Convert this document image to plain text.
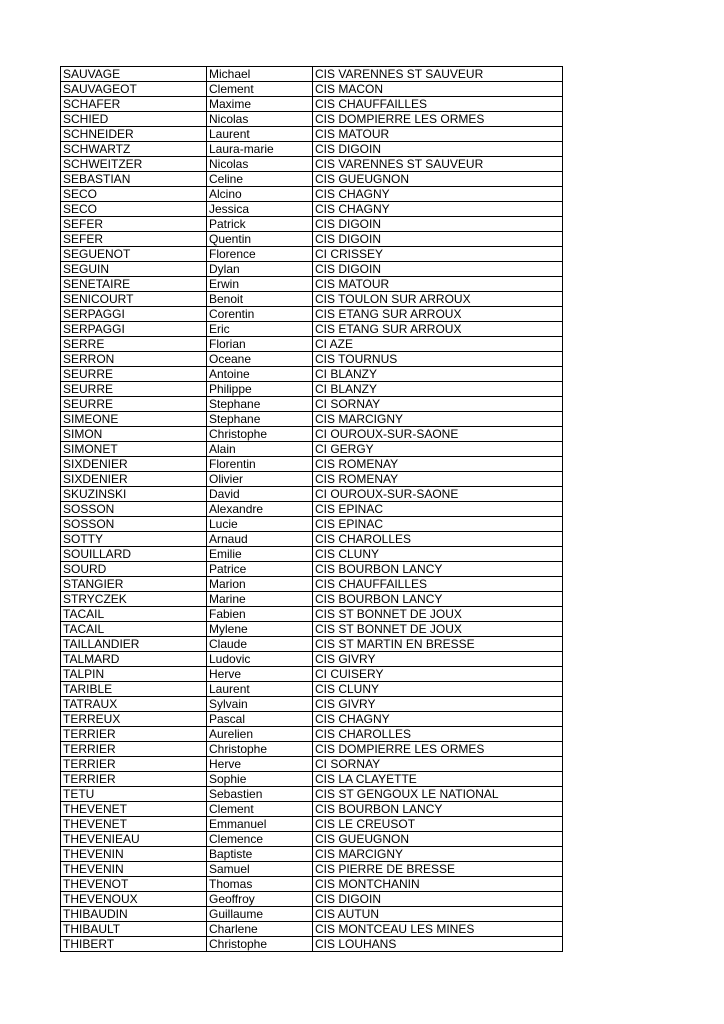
SAUVAGE	Michael	CIS VARENNES ST SAUVEUR
SAUVAGEOT	Clement	CIS MACON
SCHAFER	Maxime	CIS CHAUFFAILLES
SCHIED	Nicolas	CIS DOMPIERRE LES ORMES
SCHNEIDER	Laurent	CIS MATOUR
SCHWARTZ	Laura-marie	CIS DIGOIN
SCHWEITZER	Nicolas	CIS VARENNES ST SAUVEUR
SEBASTIAN	Celine	CIS GUEUGNON
SECO	Alcino	CIS CHAGNY
SECO	Jessica	CIS CHAGNY
SEFER	Patrick	CIS DIGOIN
SEFER	Quentin	CIS DIGOIN
SEGUENOT	Florence	CI CRISSEY
SEGUIN	Dylan	CIS DIGOIN
SENETAIRE	Erwin	CIS MATOUR
SENICOURT	Benoit	CIS TOULON SUR ARROUX
SERPAGGI	Corentin	CIS ETANG SUR ARROUX
SERPAGGI	Eric	CIS ETANG SUR ARROUX
SERRE	Florian	CI AZE
SERRON	Oceane	CIS TOURNUS
SEURRE	Antoine	CI BLANZY
SEURRE	Philippe	CI BLANZY
SEURRE	Stephane	CI SORNAY
SIMEONE	Stephane	CIS MARCIGNY
SIMON	Christophe	CI OUROUX-SUR-SAONE
SIMONET	Alain	CI GERGY
SIXDENIER	Florentin	CIS ROMENAY
SIXDENIER	Olivier	CIS ROMENAY
SKUZINSKI	David	CI OUROUX-SUR-SAONE
SOSSON	Alexandre	CIS EPINAC
SOSSON	Lucie	CIS EPINAC
SOTTY	Arnaud	CIS CHAROLLES
SOUILLARD	Emilie	CIS CLUNY
SOURD	Patrice	CIS BOURBON LANCY
STANGIER	Marion	CIS CHAUFFAILLES
STRYCZEK	Marine	CIS BOURBON LANCY
TACAIL	Fabien	CIS ST BONNET DE JOUX
TACAIL	Mylene	CIS ST BONNET DE JOUX
TAILLANDIER	Claude	CIS ST MARTIN EN BRESSE
TALMARD	Ludovic	CIS GIVRY
TALPIN	Herve	CI CUISERY
TARIBLE	Laurent	CIS CLUNY
TATRAUX	Sylvain	CIS GIVRY
TERREUX	Pascal	CIS CHAGNY
TERRIER	Aurelien	CIS CHAROLLES
TERRIER	Christophe	CIS DOMPIERRE LES ORMES
TERRIER	Herve	CI SORNAY
TERRIER	Sophie	CIS LA CLAYETTE
TETU	Sebastien	CIS ST GENGOUX LE NATIONAL
THEVENET	Clement	CIS BOURBON LANCY
THEVENET	Emmanuel	CIS LE CREUSOT
THEVENIEAU	Clemence	CIS GUEUGNON
THEVENIN	Baptiste	CIS MARCIGNY
THEVENIN	Samuel	CIS PIERRE DE BRESSE
THEVENOT	Thomas	CIS MONTCHANIN
THEVENOUX	Geoffroy	CIS DIGOIN
THIBAUDIN	Guillaume	CIS AUTUN
THIBAULT	Charlene	CIS MONTCEAU LES MINES
THIBERT	Christophe	CIS LOUHANS
